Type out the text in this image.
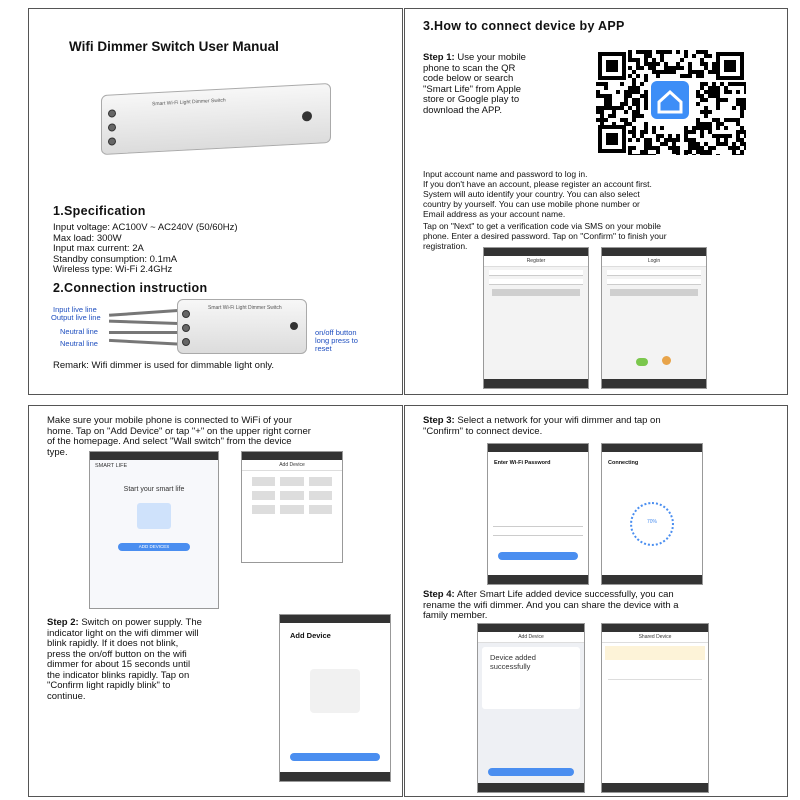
Wifi Dimmer Switch User Manual
Smart Wi-Fi Light Dimmer Switch
1.Specification
Input voltage: AC100V ~ AC240V (50/60Hz)
Max load: 300W
Input max current: 2A
Standby consumption: 0.1mA
Wireless type: Wi-Fi 2.4GHz
2.Connection instruction
Smart Wi-Fi Light Dimmer Switch
Input live line
Output live line
Neutral line
Neutral line
on/off button
long press to
reset
Remark: Wifi dimmer is used for dimmable light only.
3.How to connect device by APP
Step 1: Use your mobile
phone to scan the QR
code below or search
"Smart Life" from Apple
store or Google play to
download the APP.
Input account name and password to log in.
If you don't have an account, please register an account first.
System will auto identify your country. You can also select
country by yourself. You can use mobile phone number or
Email address as your account name.
Tap on "Next" to get a verification code via SMS on your mobile
phone. Enter a desired password. Tap on "Confirm" to finish your
registration.
Register	Login
Make sure your mobile phone is connected to WiFi of your
home. Tap on "Add Device" or tap "+" on the upper right corner
of the homepage. And select "Wall switch" from the device
type.
SMART LIFE
Start your smart life
ADD DEVICES
Add Device
Step 2: Switch on power supply. The
indicator light on the wifi dimmer will
blink rapidly. If it does not blink,
press the on/off button on the wifi
dimmer for about 15 seconds until
the indicator blinks rapidly. Tap on
"Confirm light rapidly blink" to
continue.
Add Device
Step 3: Select a network for your wifi dimmer and tap on
"Confirm" to connect device.
Enter Wi-Fi Password	Connecting
70%
Step 4: After Smart Life added device successfully, you can
rename the wifi dimmer. And you can share the device with a
family member.
Add Device
Device added
successfully
Shared Device
